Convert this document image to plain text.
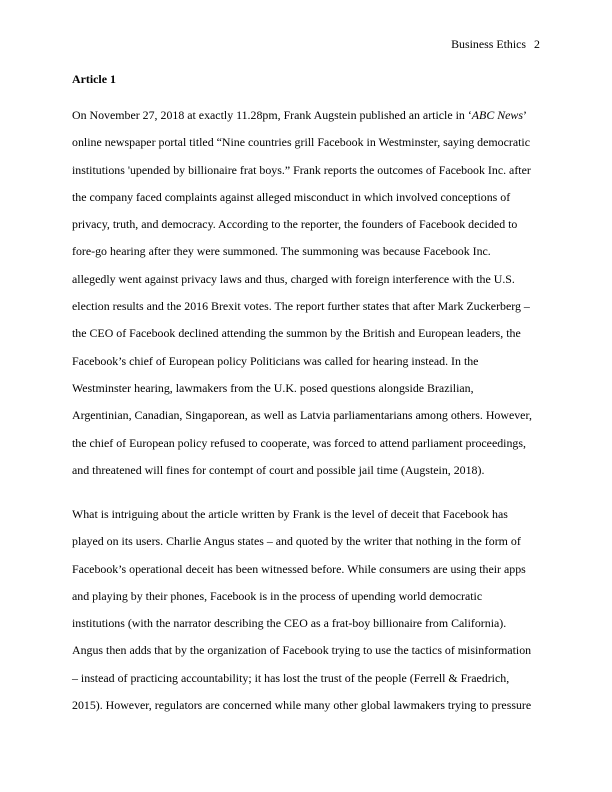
Business Ethics 2
Article 1
On November 27, 2018 at exactly 11.28pm, Frank Augstein published an article in ‘ABC News’
online newspaper portal titled “Nine countries grill Facebook in Westminster, saying democratic
institutions 'upended by billionaire frat boys.” Frank reports the outcomes of Facebook Inc. after
the company faced complaints against alleged misconduct in which involved conceptions of
privacy, truth, and democracy. According to the reporter, the founders of Facebook decided to
fore-go hearing after they were summoned. The summoning was because Facebook Inc.
allegedly went against privacy laws and thus, charged with foreign interference with the U.S.
election results and the 2016 Brexit votes. The report further states that after Mark Zuckerberg –
the CEO of Facebook declined attending the summon by the British and European leaders, the
Facebook’s chief of European policy Politicians was called for hearing instead. In the
Westminster hearing, lawmakers from the U.K. posed questions alongside Brazilian,
Argentinian, Canadian, Singaporean, as well as Latvia parliamentarians among others. However,
the chief of European policy refused to cooperate, was forced to attend parliament proceedings,
and threatened will fines for contempt of court and possible jail time (Augstein, 2018).
What is intriguing about the article written by Frank is the level of deceit that Facebook has
played on its users. Charlie Angus states – and quoted by the writer that nothing in the form of
Facebook’s operational deceit has been witnessed before. While consumers are using their apps
and playing by their phones, Facebook is in the process of upending world democratic
institutions (with the narrator describing the CEO as a frat-boy billionaire from California).
Angus then adds that by the organization of Facebook trying to use the tactics of misinformation
– instead of practicing accountability; it has lost the trust of the people (Ferrell & Fraedrich,
2015). However, regulators are concerned while many other global lawmakers trying to pressure
